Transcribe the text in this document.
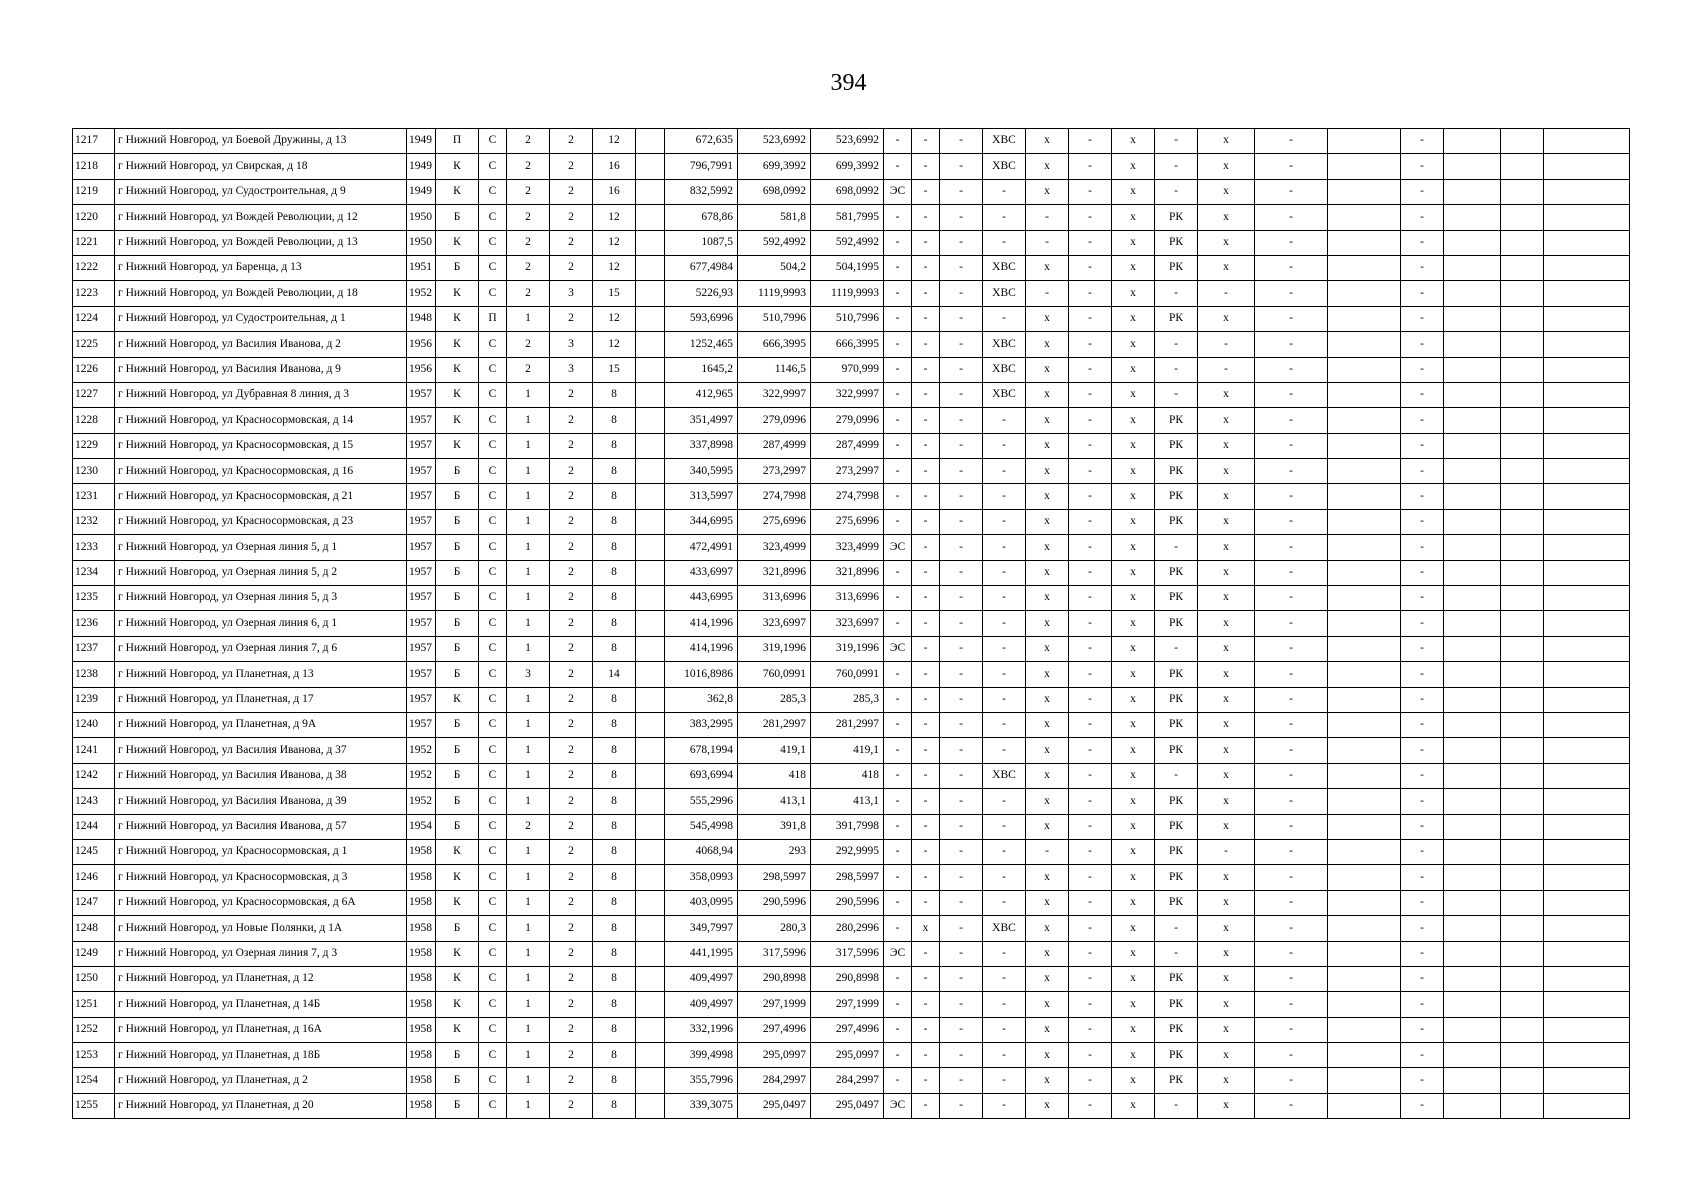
394
1217	г Нижний Новгород, ул Боевой Дружины, д 13	1949	П	С	2	2	12		672,635	523,6992	523,6992	-	-	-	ХВС	х	-	х	-	х	-		-			
1218	г Нижний Новгород, ул Свирская, д 18	1949	К	С	2	2	16		796,7991	699,3992	699,3992	-	-	-	ХВС	х	-	х	-	х	-		-			
1219	г Нижний Новгород, ул Судостроительная, д 9	1949	К	С	2	2	16		832,5992	698,0992	698,0992	ЭС	-	-	-	х	-	х	-	х	-		-			
1220	г Нижний Новгород, ул Вождей Революции, д 12	1950	Б	С	2	2	12		678,86	581,8	581,7995	-	-	-	-	-	-	х	РК	х	-		-			
1221	г Нижний Новгород, ул Вождей Революции, д 13	1950	К	С	2	2	12		1087,5	592,4992	592,4992	-	-	-	-	-	-	х	РК	х	-		-			
1222	г Нижний Новгород, ул Баренца, д 13	1951	Б	С	2	2	12		677,4984	504,2	504,1995	-	-	-	ХВС	х	-	х	РК	х	-		-			
1223	г Нижний Новгород, ул Вождей Революции, д 18	1952	К	С	2	3	15		5226,93	1119,9993	1119,9993	-	-	-	ХВС	-	-	х	-	-	-		-			
1224	г Нижний Новгород, ул Судостроительная, д 1	1948	К	П	1	2	12		593,6996	510,7996	510,7996	-	-	-	-	х	-	х	РК	х	-		-			
1225	г Нижний Новгород, ул Василия Иванова, д 2	1956	К	С	2	3	12		1252,465	666,3995	666,3995	-	-	-	ХВС	х	-	х	-	-	-		-			
1226	г Нижний Новгород, ул Василия Иванова, д 9	1956	К	С	2	3	15		1645,2	1146,5	970,999	-	-	-	ХВС	х	-	х	-	-	-		-			
1227	г Нижний Новгород, ул Дубравная 8 линия, д 3	1957	К	С	1	2	8		412,965	322,9997	322,9997	-	-	-	ХВС	х	-	х	-	х	-		-			
1228	г Нижний Новгород, ул Красносормовская, д 14	1957	К	С	1	2	8		351,4997	279,0996	279,0996	-	-	-	-	х	-	х	РК	х	-		-			
1229	г Нижний Новгород, ул Красносормовская, д 15	1957	К	С	1	2	8		337,8998	287,4999	287,4999	-	-	-	-	х	-	х	РК	х	-		-			
1230	г Нижний Новгород, ул Красносормовская, д 16	1957	Б	С	1	2	8		340,5995	273,2997	273,2997	-	-	-	-	х	-	х	РК	х	-		-			
1231	г Нижний Новгород, ул Красносормовская, д 21	1957	Б	С	1	2	8		313,5997	274,7998	274,7998	-	-	-	-	х	-	х	РК	х	-		-			
1232	г Нижний Новгород, ул Красносормовская, д 23	1957	Б	С	1	2	8		344,6995	275,6996	275,6996	-	-	-	-	х	-	х	РК	х	-		-			
1233	г Нижний Новгород, ул Озерная линия 5, д 1	1957	Б	С	1	2	8		472,4991	323,4999	323,4999	ЭС	-	-	-	х	-	х	-	х	-		-			
1234	г Нижний Новгород, ул Озерная линия 5, д 2	1957	Б	С	1	2	8		433,6997	321,8996	321,8996	-	-	-	-	х	-	х	РК	х	-		-			
1235	г Нижний Новгород, ул Озерная линия 5, д 3	1957	Б	С	1	2	8		443,6995	313,6996	313,6996	-	-	-	-	х	-	х	РК	х	-		-			
1236	г Нижний Новгород, ул Озерная линия 6, д 1	1957	Б	С	1	2	8		414,1996	323,6997	323,6997	-	-	-	-	х	-	х	РК	х	-		-			
1237	г Нижний Новгород, ул Озерная линия 7, д 6	1957	Б	С	1	2	8		414,1996	319,1996	319,1996	ЭС	-	-	-	х	-	х	-	х	-		-			
1238	г Нижний Новгород, ул Планетная, д 13	1957	Б	С	3	2	14		1016,8986	760,0991	760,0991	-	-	-	-	х	-	х	РК	х	-		-			
1239	г Нижний Новгород, ул Планетная, д 17	1957	К	С	1	2	8		362,8	285,3	285,3	-	-	-	-	х	-	х	РК	х	-		-			
1240	г Нижний Новгород, ул Планетная, д 9А	1957	Б	С	1	2	8		383,2995	281,2997	281,2997	-	-	-	-	х	-	х	РК	х	-		-			
1241	г Нижний Новгород, ул Василия Иванова, д 37	1952	Б	С	1	2	8		678,1994	419,1	419,1	-	-	-	-	х	-	х	РК	х	-		-			
1242	г Нижний Новгород, ул Василия Иванова, д 38	1952	Б	С	1	2	8		693,6994	418	418	-	-	-	ХВС	х	-	х	-	х	-		-			
1243	г Нижний Новгород, ул Василия Иванова, д 39	1952	Б	С	1	2	8		555,2996	413,1	413,1	-	-	-	-	х	-	х	РК	х	-		-			
1244	г Нижний Новгород, ул Василия Иванова, д 57	1954	Б	С	2	2	8		545,4998	391,8	391,7998	-	-	-	-	х	-	х	РК	х	-		-			
1245	г Нижний Новгород, ул Красносормовская, д 1	1958	К	С	1	2	8		4068,94	293	292,9995	-	-	-	-	-	-	х	РК	-	-		-			
1246	г Нижний Новгород, ул Красносормовская, д 3	1958	К	С	1	2	8		358,0993	298,5997	298,5997	-	-	-	-	х	-	х	РК	х	-		-			
1247	г Нижний Новгород, ул Красносормовская, д 6А	1958	К	С	1	2	8		403,0995	290,5996	290,5996	-	-	-	-	х	-	х	РК	х	-		-			
1248	г Нижний Новгород, ул Новые Полянки, д 1А	1958	Б	С	1	2	8		349,7997	280,3	280,2996	-	х	-	ХВС	х	-	х	-	х	-		-			
1249	г Нижний Новгород, ул Озерная линия 7, д 3	1958	К	С	1	2	8		441,1995	317,5996	317,5996	ЭС	-	-	-	х	-	х	-	х	-		-			
1250	г Нижний Новгород, ул Планетная, д 12	1958	К	С	1	2	8		409,4997	290,8998	290,8998	-	-	-	-	х	-	х	РК	х	-		-			
1251	г Нижний Новгород, ул Планетная, д 14Б	1958	К	С	1	2	8		409,4997	297,1999	297,1999	-	-	-	-	х	-	х	РК	х	-		-			
1252	г Нижний Новгород, ул Планетная, д 16А	1958	К	С	1	2	8		332,1996	297,4996	297,4996	-	-	-	-	х	-	х	РК	х	-		-			
1253	г Нижний Новгород, ул Планетная, д 18Б	1958	Б	С	1	2	8		399,4998	295,0997	295,0997	-	-	-	-	х	-	х	РК	х	-		-			
1254	г Нижний Новгород, ул Планетная, д 2	1958	Б	С	1	2	8		355,7996	284,2997	284,2997	-	-	-	-	х	-	х	РК	х	-		-			
1255	г Нижний Новгород, ул Планетная, д 20	1958	Б	С	1	2	8		339,3075	295,0497	295,0497	ЭС	-	-	-	х	-	х	-	х	-		-			
